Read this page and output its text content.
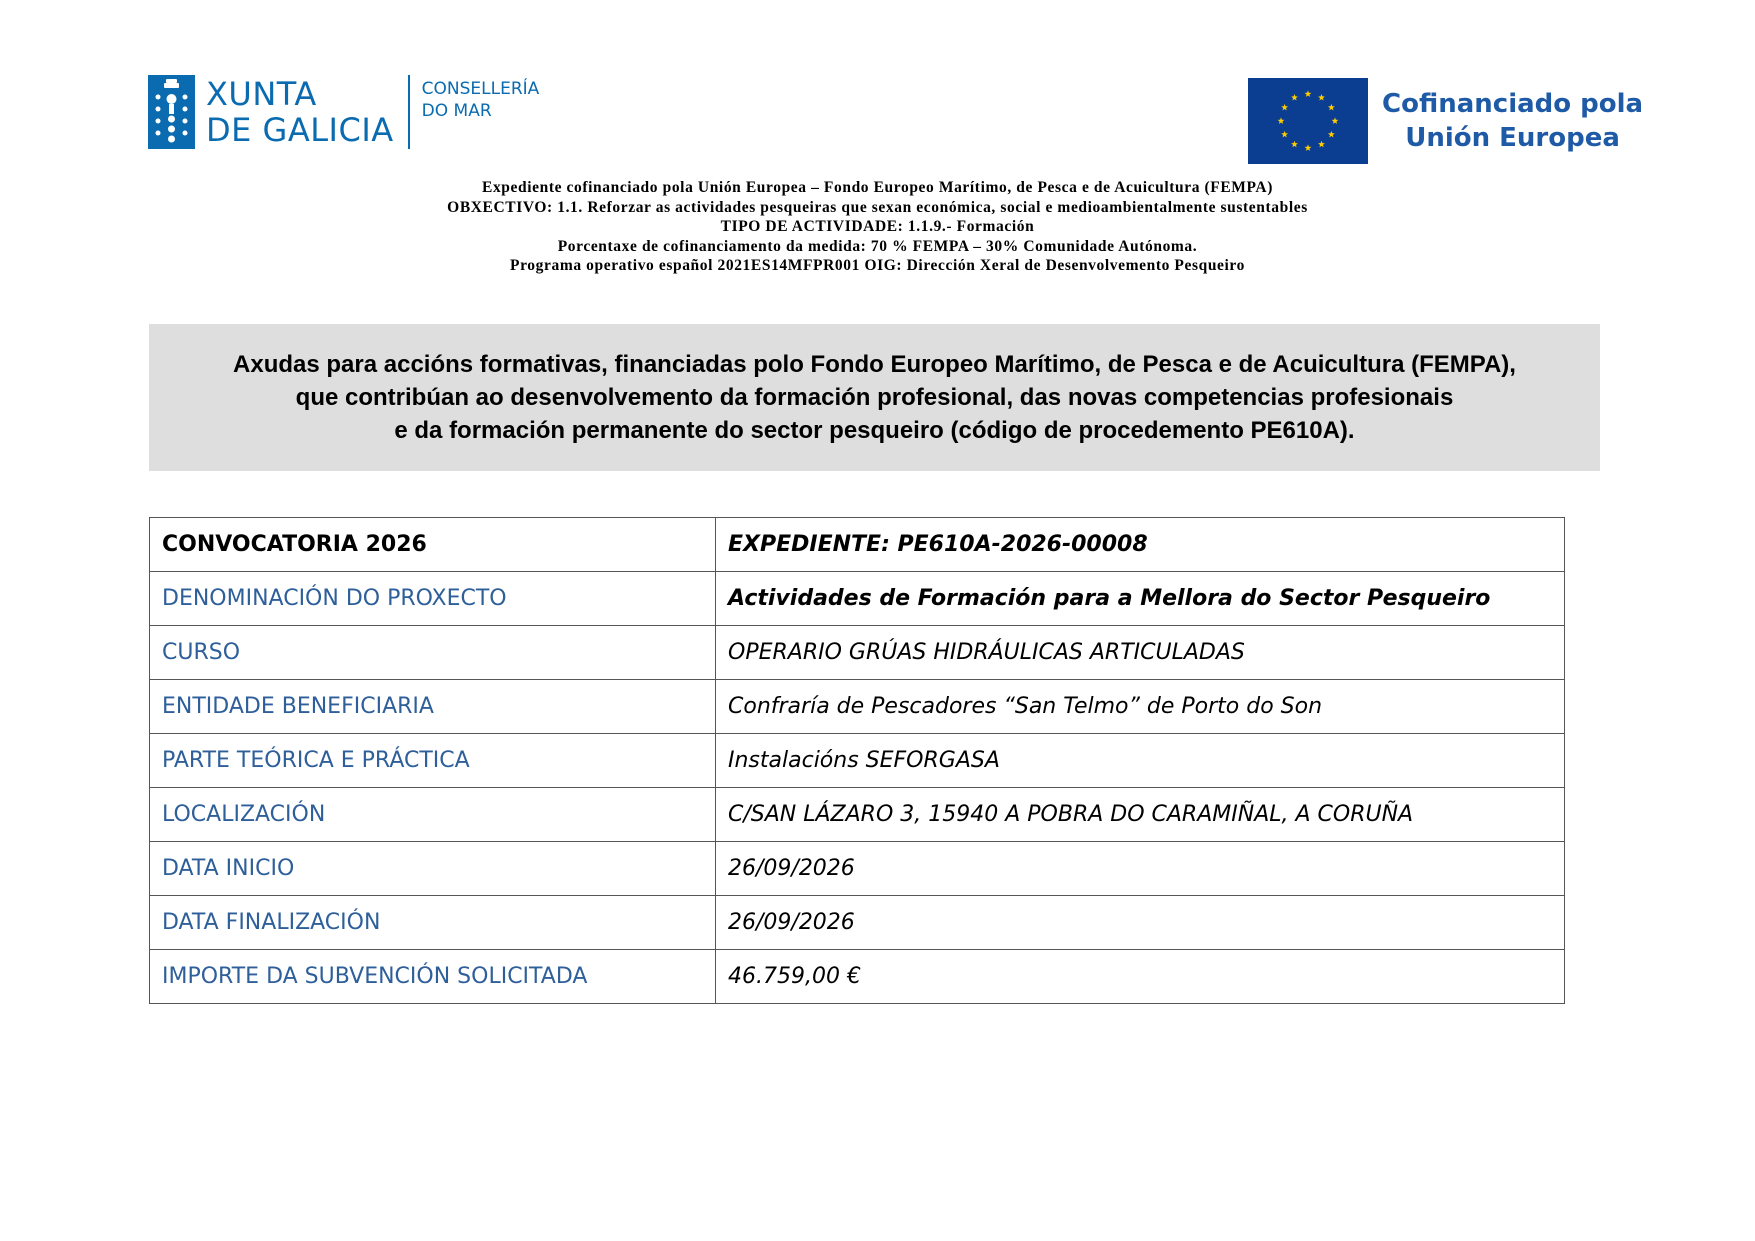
XUNTA
DE GALICIA
CONSELLERÍA
DO MAR	Cofinanciado pola
Unión Europea
Expediente cofinanciado pola Unión Europea – Fondo Europeo Marítimo, de Pesca e de Acuicultura (FEMPA)
OBXECTIVO: 1.1. Reforzar as actividades pesqueiras que sexan económica, social e medioambientalmente sustentables
TIPO DE ACTIVIDADE: 1.1.9.- Formación
Porcentaxe de cofinanciamento da medida: 70 % FEMPA – 30% Comunidade Autónoma.
Programa operativo español 2021ES14MFPR001 OIG: Dirección Xeral de Desenvolvemento Pesqueiro
Axudas para accións formativas, financiadas polo Fondo Europeo Marítimo, de Pesca e de Acuicultura (FEMPA),
que contribúan ao desenvolvemento da formación profesional, das novas competencias profesionais
e da formación permanente do sector pesqueiro (código de procedemento PE610A).
CONVOCATORIA 2026	EXPEDIENTE: PE610A-2026-00008
DENOMINACIÓN DO PROXECTO	Actividades de Formación para a Mellora do Sector Pesqueiro
CURSO	OPERARIO GRÚAS HIDRÁULICAS ARTICULADAS
ENTIDADE BENEFICIARIA	Confraría de Pescadores “San Telmo” de Porto do Son
PARTE TEÓRICA E PRÁCTICA	Instalacións SEFORGASA
LOCALIZACIÓN	C/SAN LÁZARO 3, 15940 A POBRA DO CARAMIÑAL, A CORUÑA
DATA INICIO	26/09/2026
DATA FINALIZACIÓN	26/09/2026
IMPORTE DA SUBVENCIÓN SOLICITADA	46.759,00 €
